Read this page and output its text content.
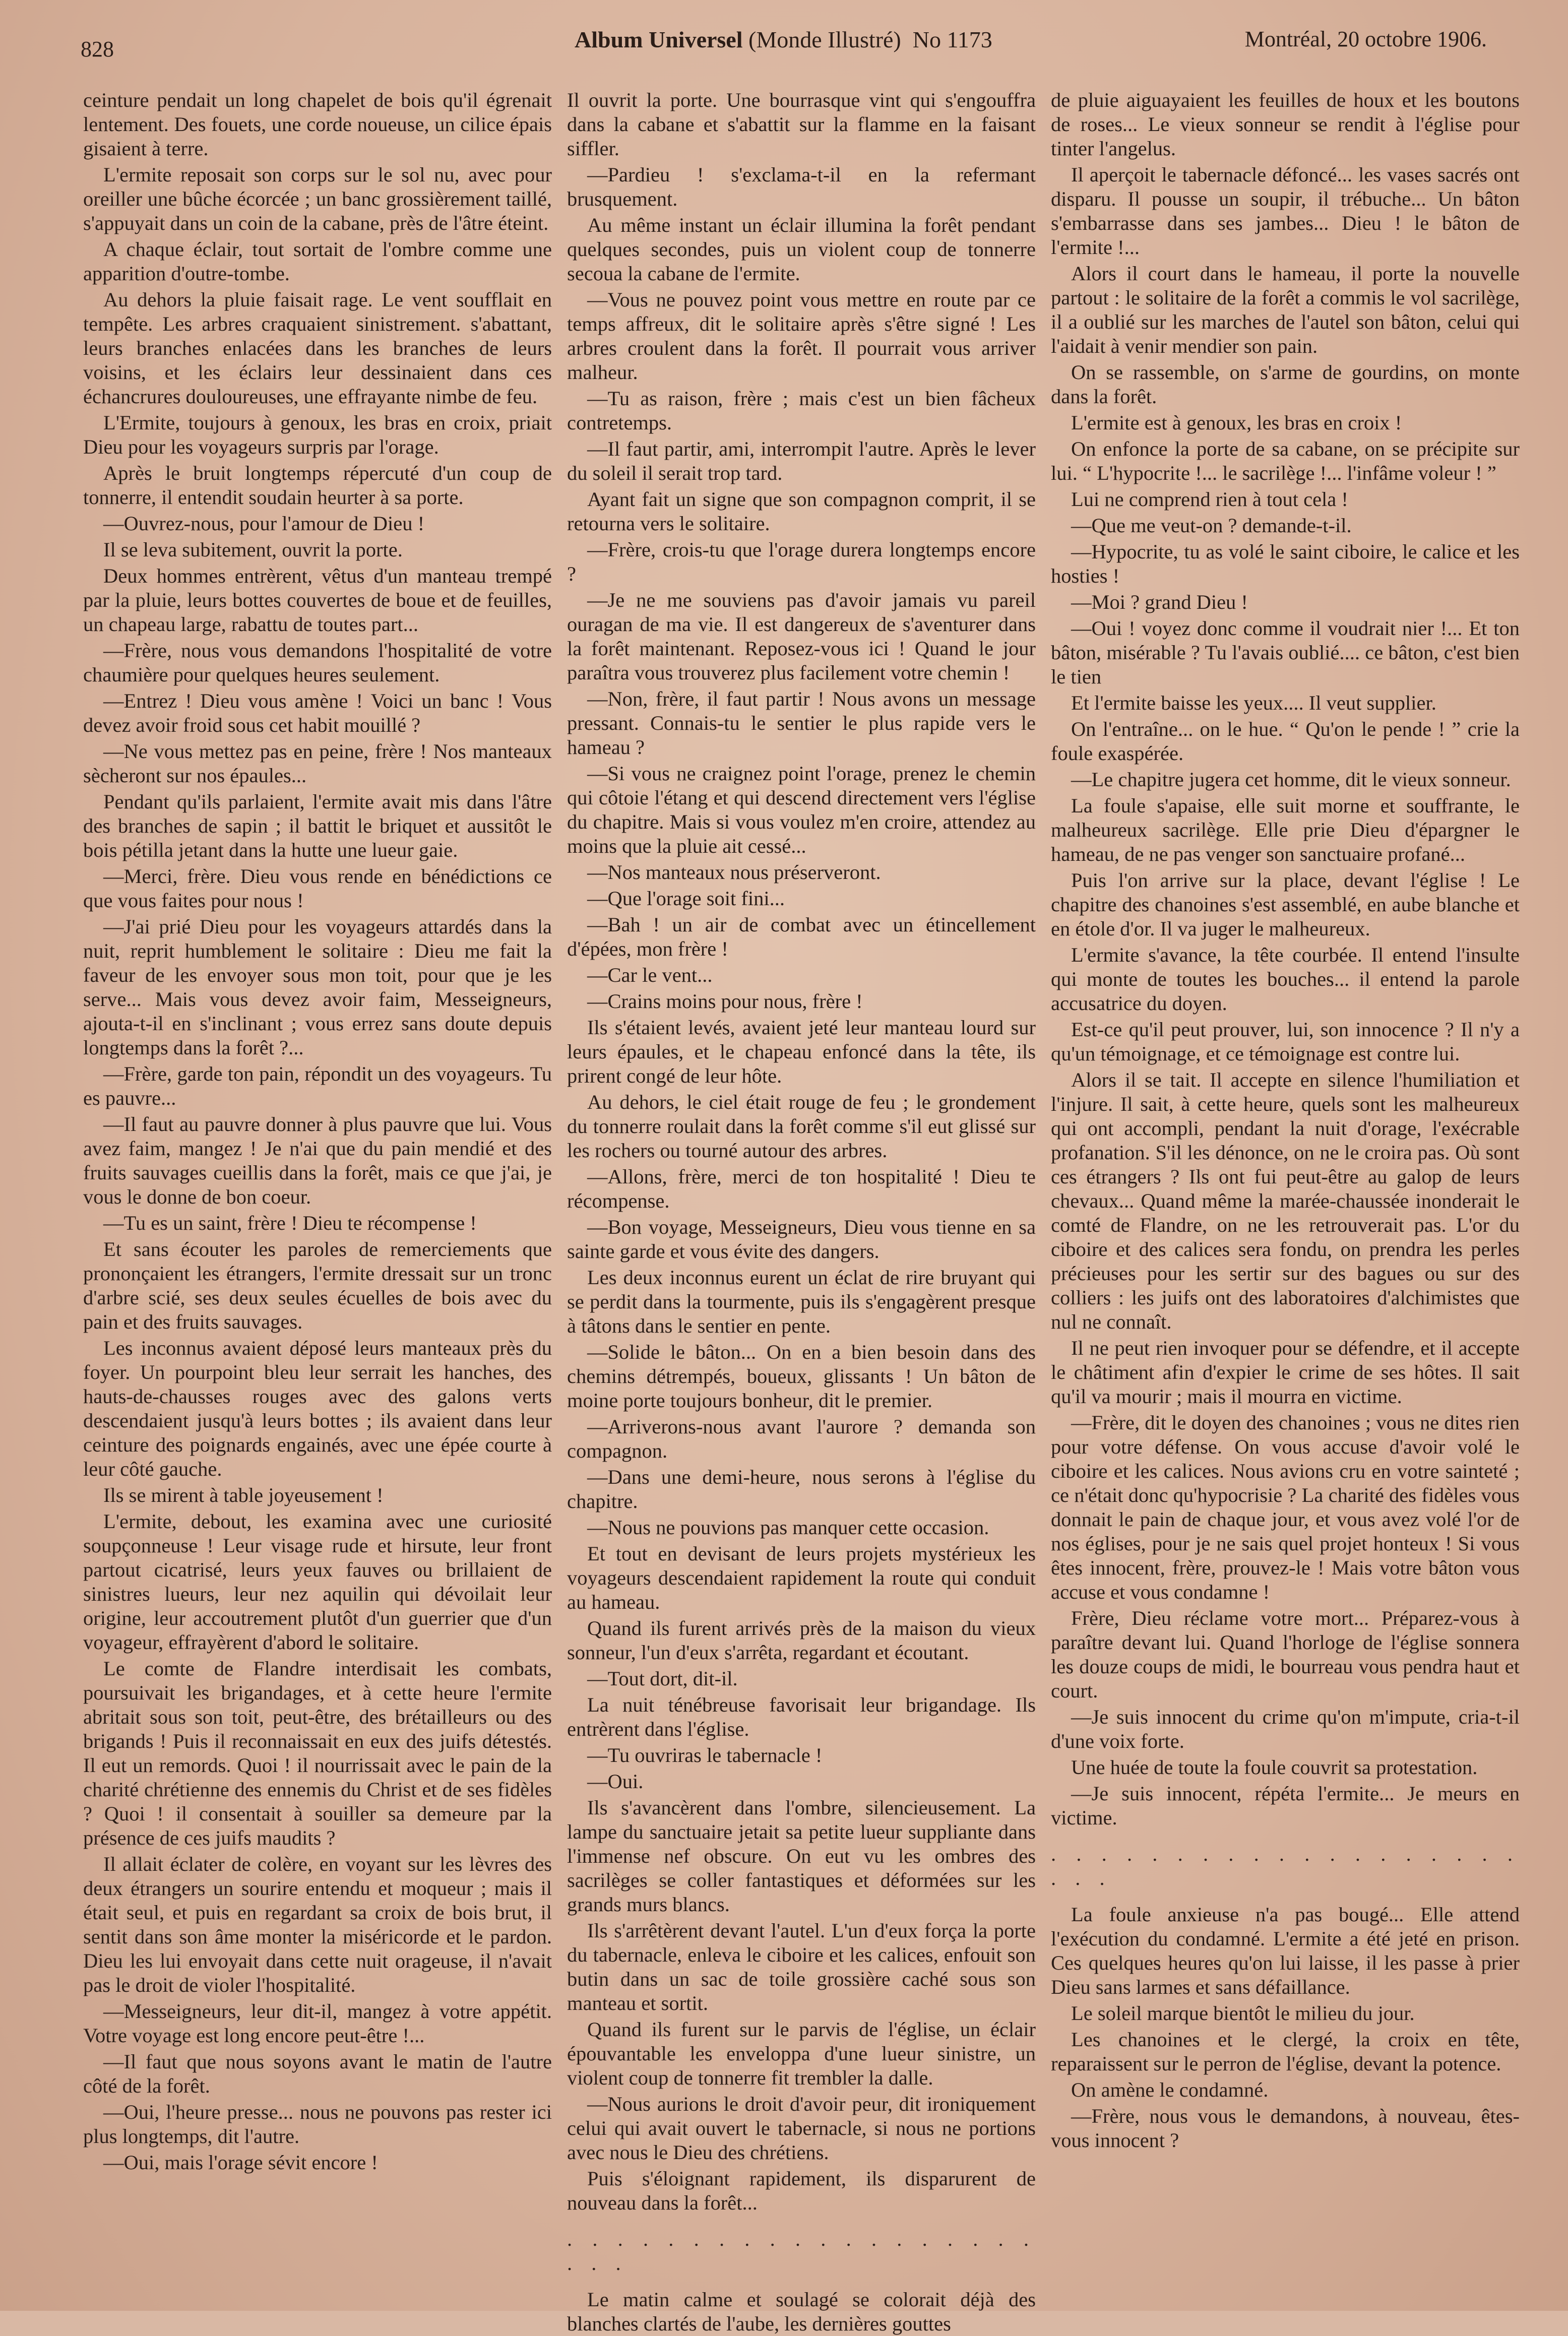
828	Album Universel (Monde Illustré) No 1173	Montréal, 20 octobre 1906.

ceinture pendait un long chapelet de bois qu'il égrenait lentement. Des fouets, une corde noueuse, un cilice épais gisaient à terre.

L'ermite reposait son corps sur le sol nu, avec pour oreiller une bûche écorcée ; un banc grossièrement taillé, s'appuyait dans un coin de la cabane, près de l'âtre éteint.

A chaque éclair, tout sortait de l'ombre comme une apparition d'outre-tombe.

Au dehors la pluie faisait rage. Le vent soufflait en tempête. Les arbres craquaient sinistrement. s'abattant, leurs branches enlacées dans les branches de leurs voisins, et les éclairs leur dessinaient dans ces échancrures douloureuses, une effrayante nimbe de feu.

L'Ermite, toujours à genoux, les bras en croix, priait Dieu pour les voyageurs surpris par l'orage.

Après le bruit longtemps répercuté d'un coup de tonnerre, il entendit soudain heurter à sa porte.

—Ouvrez-nous, pour l'amour de Dieu !

Il se leva subitement, ouvrit la porte.

Deux hommes entrèrent, vêtus d'un manteau trempé par la pluie, leurs bottes couvertes de boue et de feuilles, un chapeau large, rabattu de toutes part...

—Frère, nous vous demandons l'hospitalité de votre chaumière pour quelques heures seulement.

—Entrez ! Dieu vous amène ! Voici un banc ! Vous devez avoir froid sous cet habit mouillé ?

—Ne vous mettez pas en peine, frère ! Nos manteaux sècheront sur nos épaules...

Pendant qu'ils parlaient, l'ermite avait mis dans l'âtre des branches de sapin ; il battit le briquet et aussitôt le bois pétilla jetant dans la hutte une lueur gaie.

—Merci, frère. Dieu vous rende en bénédictions ce que vous faites pour nous !

—J'ai prié Dieu pour les voyageurs attardés dans la nuit, reprit humblement le solitaire : Dieu me fait la faveur de les envoyer sous mon toit, pour que je les serve... Mais vous devez avoir faim, Messeigneurs, ajouta-t-il en s'inclinant ; vous errez sans doute depuis longtemps dans la forêt ?...

—Frère, garde ton pain, répondit un des voyageurs. Tu es pauvre...

—Il faut au pauvre donner à plus pauvre que lui. Vous avez faim, mangez ! Je n'ai que du pain mendié et des fruits sauvages cueillis dans la forêt, mais ce que j'ai, je vous le donne de bon coeur.

—Tu es un saint, frère ! Dieu te récompense !

Et sans écouter les paroles de remerciements que prononçaient les étrangers, l'ermite dressait sur un tronc d'arbre scié, ses deux seules écuelles de bois avec du pain et des fruits sauvages.

Les inconnus avaient déposé leurs manteaux près du foyer. Un pourpoint bleu leur serrait les hanches, des hauts-de-chausses rouges avec des galons verts descendaient jusqu'à leurs bottes ; ils avaient dans leur ceinture des poignards engainés, avec une épée courte à leur côté gauche.

Ils se mirent à table joyeusement !

L'ermite, debout, les examina avec une curiosité soupçonneuse ! Leur visage rude et hirsute, leur front partout cicatrisé, leurs yeux fauves ou brillaient de sinistres lueurs, leur nez aquilin qui dévoilait leur origine, leur accoutrement plutôt d'un guerrier que d'un voyageur, effrayèrent d'abord le solitaire.

Le comte de Flandre interdisait les combats, poursuivait les brigandages, et à cette heure l'ermite abritait sous son toit, peut-être, des brétailleurs ou des brigands ! Puis il reconnaissait en eux des juifs détestés. Il eut un remords. Quoi ! il nourrissait avec le pain de la charité chrétienne des ennemis du Christ et de ses fidèles ? Quoi ! il consentait à souiller sa demeure par la présence de ces juifs maudits ?

Il allait éclater de colère, en voyant sur les lèvres des deux étrangers un sourire entendu et moqueur ; mais il était seul, et puis en regardant sa croix de bois brut, il sentit dans son âme monter la miséricorde et le pardon. Dieu les lui envoyait dans cette nuit orageuse, il n'avait pas le droit de violer l'hospitalité.

—Messeigneurs, leur dit-il, mangez à votre appétit. Votre voyage est long encore peut-être !...

—Il faut que nous soyons avant le matin de l'autre côté de la forêt.

—Oui, l'heure presse... nous ne pouvons pas rester ici plus longtemps, dit l'autre.

—Oui, mais l'orage sévit encore !

Il ouvrit la porte. Une bourrasque vint qui s'engouffra dans la cabane et s'abattit sur la flamme en la faisant siffler.

—Pardieu ! s'exclama-t-il en la refermant brusquement.

Au même instant un éclair illumina la forêt pendant quelques secondes, puis un violent coup de tonnerre secoua la cabane de l'ermite.

—Vous ne pouvez point vous mettre en route par ce temps affreux, dit le solitaire après s'être signé ! Les arbres croulent dans la forêt. Il pourrait vous arriver malheur.

—Tu as raison, frère ; mais c'est un bien fâcheux contretemps.

—Il faut partir, ami, interrompit l'autre. Après le lever du soleil il serait trop tard.

Ayant fait un signe que son compagnon comprit, il se retourna vers le solitaire.

—Frère, crois-tu que l'orage durera longtemps encore ?

—Je ne me souviens pas d'avoir jamais vu pareil ouragan de ma vie. Il est dangereux de s'aventurer dans la forêt maintenant. Reposez-vous ici ! Quand le jour paraîtra vous trouverez plus facilement votre chemin !

—Non, frère, il faut partir ! Nous avons un message pressant. Connais-tu le sentier le plus rapide vers le hameau ?

—Si vous ne craignez point l'orage, prenez le chemin qui côtoie l'étang et qui descend directement vers l'église du chapitre. Mais si vous voulez m'en croire, attendez au moins que la pluie ait cessé...

—Nos manteaux nous préserveront.

—Que l'orage soit fini...

—Bah ! un air de combat avec un étincellement d'épées, mon frère !

—Car le vent...

—Crains moins pour nous, frère !

Ils s'étaient levés, avaient jeté leur manteau lourd sur leurs épaules, et le chapeau enfoncé dans la tête, ils prirent congé de leur hôte.

Au dehors, le ciel était rouge de feu ; le grondement du tonnerre roulait dans la forêt comme s'il eut glissé sur les rochers ou tourné autour des arbres.

—Allons, frère, merci de ton hospitalité ! Dieu te récompense.

—Bon voyage, Messeigneurs, Dieu vous tienne en sa sainte garde et vous évite des dangers.

Les deux inconnus eurent un éclat de rire bruyant qui se perdit dans la tourmente, puis ils s'engagèrent presque à tâtons dans le sentier en pente.

—Solide le bâton... On en a bien besoin dans des chemins détrempés, boueux, glissants ! Un bâton de moine porte toujours bonheur, dit le premier.

—Arriverons-nous avant l'aurore ? demanda son compagnon.

—Dans une demi-heure, nous serons à l'église du chapitre.

—Nous ne pouvions pas manquer cette occasion.

Et tout en devisant de leurs projets mystérieux les voyageurs descendaient rapidement la route qui conduit au hameau.

Quand ils furent arrivés près de la maison du vieux sonneur, l'un d'eux s'arrêta, regardant et écoutant.

—Tout dort, dit-il.

La nuit ténébreuse favorisait leur brigandage. Ils entrèrent dans l'église.

—Tu ouvriras le tabernacle !

—Oui.

Ils s'avancèrent dans l'ombre, silencieusement. La lampe du sanctuaire jetait sa petite lueur suppliante dans l'immense nef obscure. On eut vu les ombres des sacrilèges se coller fantastiques et déformées sur les grands murs blancs.

Ils s'arrêtèrent devant l'autel. L'un d'eux força la porte du tabernacle, enleva le ciboire et les calices, enfouit son butin dans un sac de toile grossière caché sous son manteau et sortit.

Quand ils furent sur le parvis de l'église, un éclair épouvantable les enveloppa d'une lueur sinistre, un violent coup de tonnerre fit trembler la dalle.

—Nous aurions le droit d'avoir peur, dit ironiquement celui qui avait ouvert le tabernacle, si nous ne portions avec nous le Dieu des chrétiens.

Puis s'éloignant rapidement, ils disparurent de nouveau dans la forêt...

. . . . . . . . . . . . . . . . . . . . . .

Le matin calme et soulagé se colorait déjà des blanches clartés de l'aube, les dernières gouttes

de pluie aiguayaient les feuilles de houx et les boutons de roses... Le vieux sonneur se rendit à l'église pour tinter l'angelus.

Il aperçoit le tabernacle défoncé... les vases sacrés ont disparu. Il pousse un soupir, il trébuche... Un bâton s'embarrasse dans ses jambes... Dieu ! le bâton de l'ermite !...

Alors il court dans le hameau, il porte la nouvelle partout : le solitaire de la forêt a commis le vol sacrilège, il a oublié sur les marches de l'autel son bâton, celui qui l'aidait à venir mendier son pain.

On se rassemble, on s'arme de gourdins, on monte dans la forêt.

L'ermite est à genoux, les bras en croix !

On enfonce la porte de sa cabane, on se précipite sur lui. “ L'hypocrite !... le sacrilège !... l'infâme voleur ! ”

Lui ne comprend rien à tout cela !

—Que me veut-on ? demande-t-il.

—Hypocrite, tu as volé le saint ciboire, le calice et les hosties !

—Moi ? grand Dieu !

—Oui ! voyez donc comme il voudrait nier !... Et ton bâton, misérable ? Tu l'avais oublié.... ce bâton, c'est bien le tien

Et l'ermite baisse les yeux.... Il veut supplier.

On l'entraîne... on le hue. “ Qu'on le pende ! ” crie la foule exaspérée.

—Le chapitre jugera cet homme, dit le vieux sonneur.

La foule s'apaise, elle suit morne et souffrante, le malheureux sacrilège. Elle prie Dieu d'épargner le hameau, de ne pas venger son sanctuaire profané...

Puis l'on arrive sur la place, devant l'église ! Le chapitre des chanoines s'est assemblé, en aube blanche et en étole d'or. Il va juger le malheureux.

L'ermite s'avance, la tête courbée. Il entend l'insulte qui monte de toutes les bouches... il entend la parole accusatrice du doyen.

Est-ce qu'il peut prouver, lui, son innocence ? Il n'y a qu'un témoignage, et ce témoignage est contre lui.

Alors il se tait. Il accepte en silence l'humiliation et l'injure. Il sait, à cette heure, quels sont les malheureux qui ont accompli, pendant la nuit d'orage, l'exécrable profanation. S'il les dénonce, on ne le croira pas. Où sont ces étrangers ? Ils ont fui peut-être au galop de leurs chevaux... Quand même la marée-chaussée inonderait le comté de Flandre, on ne les retrouverait pas. L'or du ciboire et des calices sera fondu, on prendra les perles précieuses pour les sertir sur des bagues ou sur des colliers : les juifs ont des laboratoires d'alchimistes que nul ne connaît.

Il ne peut rien invoquer pour se défendre, et il accepte le châtiment afin d'expier le crime de ses hôtes. Il sait qu'il va mourir ; mais il mourra en victime.

—Frère, dit le doyen des chanoines ; vous ne dites rien pour votre défense. On vous accuse d'avoir volé le ciboire et les calices. Nous avions cru en votre sainteté ; ce n'était donc qu'hypocrisie ? La charité des fidèles vous donnait le pain de chaque jour, et vous avez volé l'or de nos églises, pour je ne sais quel projet honteux ! Si vous êtes innocent, frère, prouvez-le ! Mais votre bâton vous accuse et vous condamne !

Frère, Dieu réclame votre mort... Préparez-vous à paraître devant lui. Quand l'horloge de l'église sonnera les douze coups de midi, le bourreau vous pendra haut et court.

—Je suis innocent du crime qu'on m'impute, cria-t-il d'une voix forte.

Une huée de toute la foule couvrit sa protestation.

—Je suis innocent, répéta l'ermite... Je meurs en victime.

. . . . . . . . . . . . . . . . . . . . . .

La foule anxieuse n'a pas bougé... Elle attend l'exécution du condamné. L'ermite a été jeté en prison. Ces quelques heures qu'on lui laisse, il les passe à prier Dieu sans larmes et sans défaillance.

Le soleil marque bientôt le milieu du jour.

Les chanoines et le clergé, la croix en tête, reparaissent sur le perron de l'église, devant la potence.

On amène le condamné.

—Frère, nous vous le demandons, à nouveau, êtes-vous innocent ?
